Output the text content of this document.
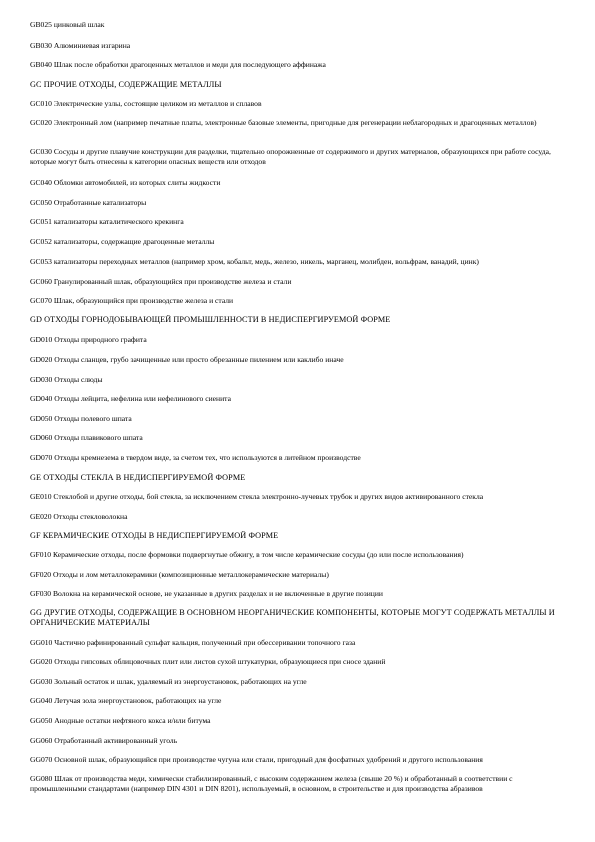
GB025 цинковый шлак
GB030 Алюминиевая изгарина
GB040 Шлак после обработки драгоценных металлов и меди для последующего аффинажа
GC ПРОЧИЕ ОТХОДЫ, СОДЕРЖАЩИЕ МЕТАЛЛЫ
GC010 Электрические узлы, состоящие целиком из металлов и сплавов
GC020 Электронный лом (например печатные платы, электронные базовые элементы, пригодные для регенерации неблагородных и драгоценных металлов)
GC030 Сосуды и другие плавучие конструкции для разделки, тщательно опорожненные от содержимого и других материалов, образующихся при работе сосуда, которые могут быть отнесены к категории опасных веществ или отходов
GC040 Обломки автомобилей, из которых слиты жидкости
GC050 Отработанные катализаторы
GC051 катализаторы каталитического крекинга
GC052 катализаторы, содержащие драгоценные металлы
GC053 катализаторы переходных металлов (например хром, кобальт, медь, железо, никель, марганец, молибден, вольфрам, ванадий, цинк)
GC060 Гранулированный шлак, образующийся при производстве железа и стали
GC070 Шлак, образующийся при производстве железа и стали
GD ОТХОДЫ ГОРНОДОБЫВАЮЩЕЙ ПРОМЫШЛЕННОСТИ В НЕДИСПЕРГИРУЕМОЙ ФОРМЕ
GD010 Отходы природного графита
GD020 Отходы сланцев, грубо зачищенные или просто обрезанные пилением или каклибо иначе
GD030 Отходы слюды
GD040 Отходы лейцита, нефелина или нефелинового сиенита
GD050 Отходы полевого шпата
GD060 Отходы плавикового шпата
GD070 Отходы кремнезема в твердом виде, за счетом тех, что используются в литейном производстве
GE ОТХОДЫ СТЕКЛА В НЕДИСПЕРГИРУЕМОЙ ФОРМЕ
GE010 Стеклобой и другие отходы, бой стекла, за исключением стекла электронно-лучевых трубок и других видов активированного стекла
GE020 Отходы стекловолокна
GF КЕРАМИЧЕСКИЕ ОТХОДЫ В НЕДИСПЕРГИРУЕМОЙ ФОРМЕ
GF010 Керамические отходы, после формовки подвергнутые обжигу, в том числе керамические сосуды (до или после использования)
GF020 Отходы и лом металлокерамики (композиционные металлокерамические материалы)
GF030 Волокна на керамической основе, не указанные в других разделах и не включенные в другие позиции
GG ДРУГИЕ ОТХОДЫ, СОДЕРЖАЩИЕ В ОСНОВНОМ НЕОРГАНИЧЕСКИЕ КОМПОНЕНТЫ, КОТОРЫЕ МОГУТ СОДЕРЖАТЬ МЕТАЛЛЫ И ОРГАНИЧЕСКИЕ МАТЕРИАЛЫ
GG010 Частично рафинированный сульфат кальция, полученный при обессеривании топочного газа
GG020 Отходы гипсовых облицовочных плит или листов сухой штукатурки, образующиеся при сносе зданий
GG030 Зольный остаток и шлак, удаляемый из энергоустановок, работающих на угле
GG040 Летучая зола энергоустановок, работающих на угле
GG050 Анодные остатки нефтяного кокса и/или битума
GG060 Отработанный активированный уголь
GG070 Основной шлак, образующийся при производстве чугуна или стали, пригодный для фосфатных удобрений и другого использования
GG080 Шлак от производства меди, химически стабилизированный, с высоким содержанием железа (свыше 20 %) и обработанный в соответствии с промышленными стандартами (например DIN 4301 и DIN 8201), используемый, в основном, в строительстве и для производства абразивов
